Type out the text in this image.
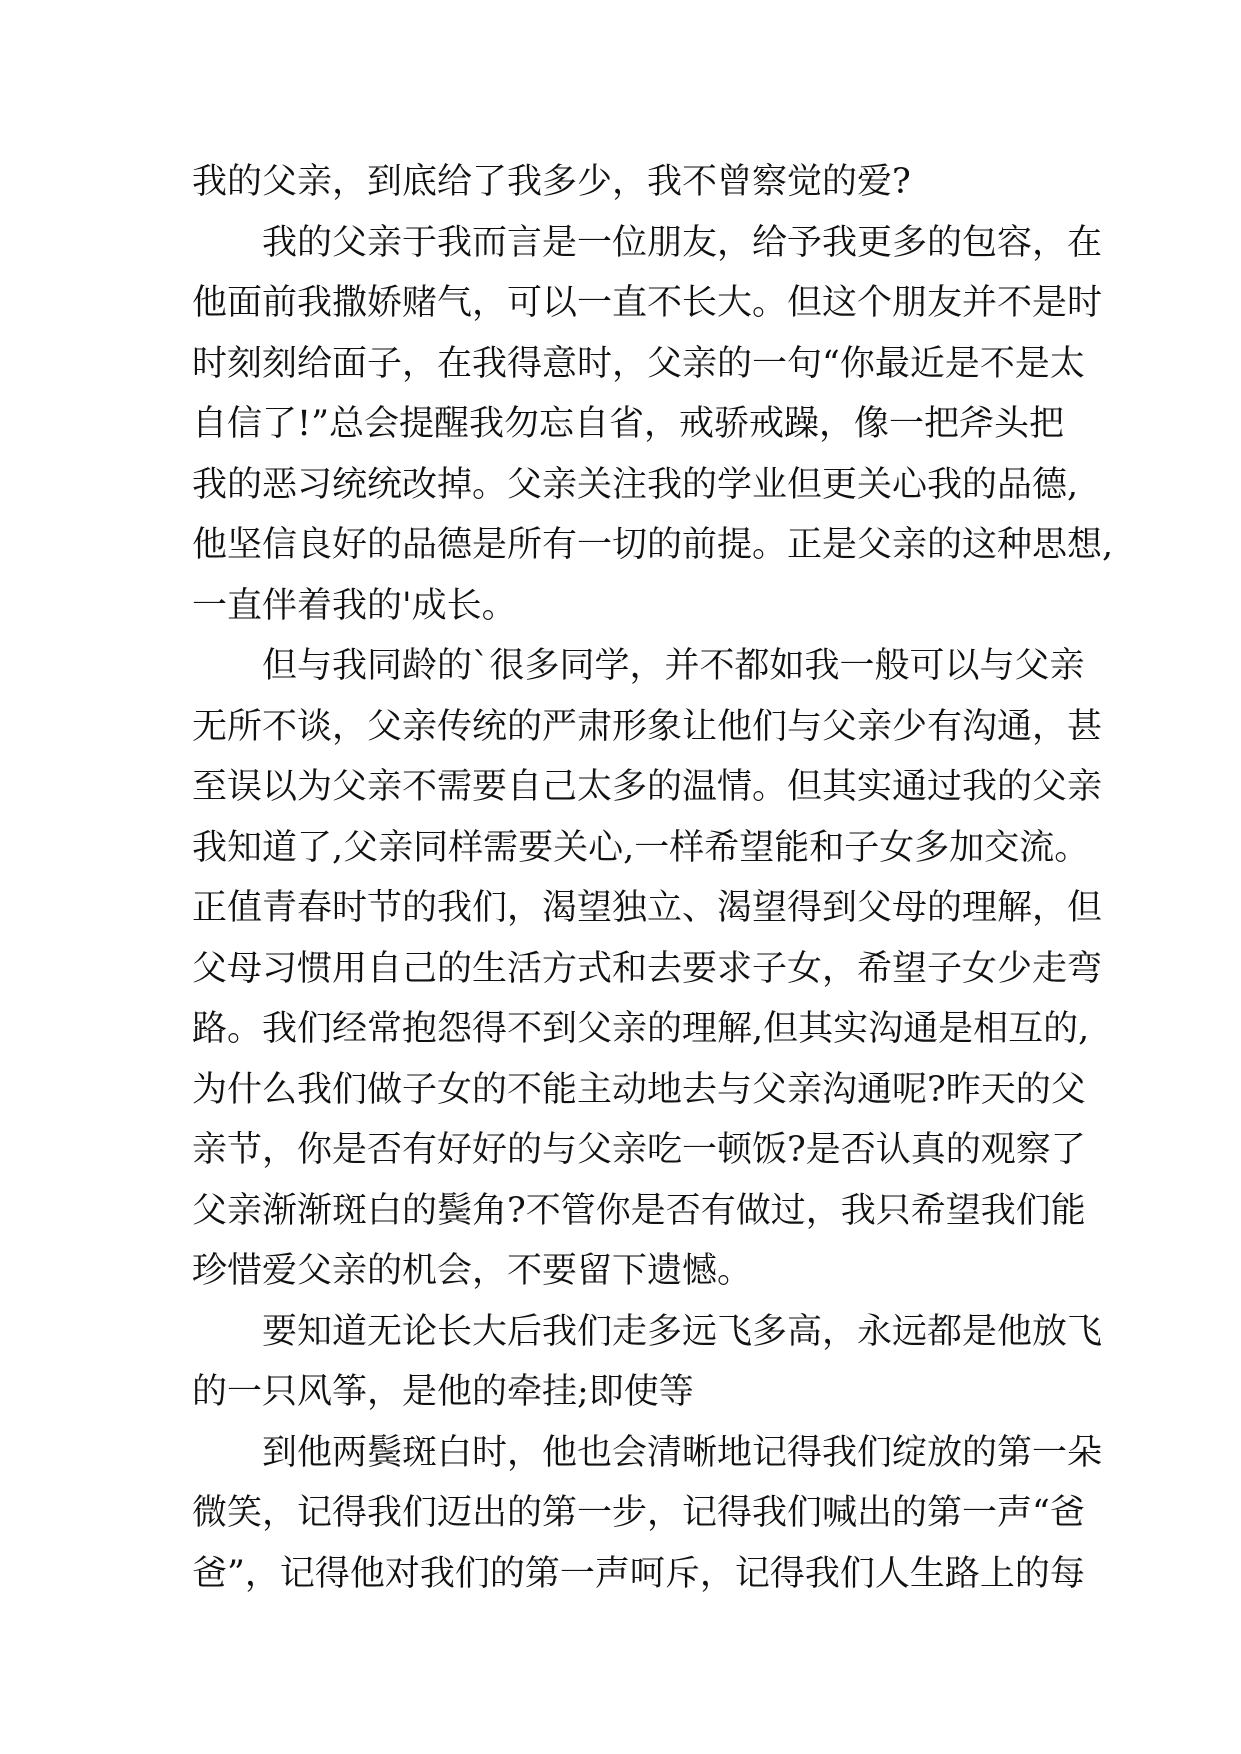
我的父亲，到底给了我多少，我不曾察觉的爱?
我的父亲于我而言是一位朋友，给予我更多的包容，在
他面前我撒娇赌气，可以一直不长大。但这个朋友并不是时
时刻刻给面子，在我得意时，父亲的一句“你最近是不是太
自信了!”总会提醒我勿忘自省，戒骄戒躁，像一把斧头把
我的恶习统统改掉。父亲关注我的学业但更关心我的品德,
他坚信良好的品德是所有一切的前提。正是父亲的这种思想,
一直伴着我的'成长。
但与我同龄的`很多同学，并不都如我一般可以与父亲
无所不谈，父亲传统的严肃形象让他们与父亲少有沟通，甚
至误以为父亲不需要自己太多的温情。但其实通过我的父亲
我知道了,父亲同样需要关心,一样希望能和子女多加交流。
正值青春时节的我们，渴望独立、渴望得到父母的理解，但
父母习惯用自己的生活方式和去要求子女，希望子女少走弯
路。我们经常抱怨得不到父亲的理解,但其实沟通是相互的,
为什么我们做子女的不能主动地去与父亲沟通呢?昨天的父
亲节，你是否有好好的与父亲吃一顿饭?是否认真的观察了
父亲渐渐斑白的鬓角?不管你是否有做过，我只希望我们能
珍惜爱父亲的机会，不要留下遗憾。
要知道无论长大后我们走多远飞多高，永远都是他放飞
的一只风筝，是他的牵挂;即使等
到他两鬓斑白时，他也会清晰地记得我们绽放的第一朵
微笑，记得我们迈出的第一步，记得我们喊出的第一声“爸
爸”，记得他对我们的第一声呵斥，记得我们人生路上的每
